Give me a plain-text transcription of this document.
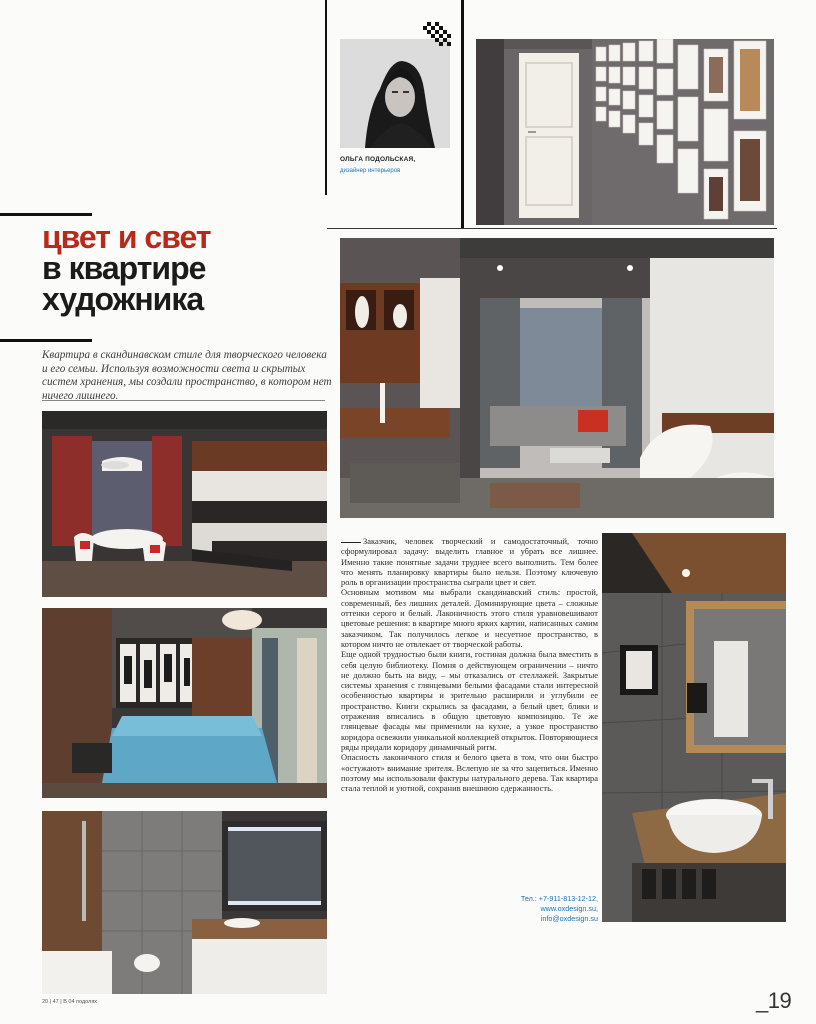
ОЛЬГА ПОДОЛЬСКАЯ,
дизайнер интерьеров
цвет и свет
в квартире
художника
Квартира в скандинавском стиле для творческого человека и его семьи. Используя возможности света и скрытых систем хранения, мы создали пространство, в котором нет ничего лишнего.

Заказчик, человек творческий и самодостаточный, точно сформулировал задачу: выделить главное и убрать все лишнее. Именно такие понятные задачи труднее всего выполнить. Тем более что менять планировку квартиры было нельзя. Поэтому ключевую роль в организации пространства сыграли цвет и свет.

Основным мотивом мы выбрали скандинавский стиль: простой, современный, без лишних деталей. Доминирующие цвета – сложные оттенки серого и белый. Лаконичность этого стиля уравновешивают цветовые решения: в квартире много ярких картин, написанных самим заказчиком. Так получилось легкое и несуетное пространство, в котором ничто не отвлекает от творческой работы.

Еще одной трудностью были книги, гостиная должна была вместить в себя целую библиотеку. Помня о действующем ограничении – ничто не должно быть на виду, – мы отказались от стеллажей. Закрытые системы хранения с глянцевыми белыми фасадами стали интересной особенностью квартиры и зрительно расширили и углубили ее пространство. Книги скрылись за фасадами, а белый цвет, блики и отражения вписались в общую цветовую композицию. Те же глянцевые фасады мы применили на кухне, а узкое пространство коридора освежили уникальной коллекцией открыток. Повторяющиеся ряды придали коридору динамичный ритм.

Опасность лаконичного стиля и белого цвета в том, что они быстро «остужают» внимание зрителя. Вслепую не за что зацепиться. Именно поэтому мы использовали фактуры натурального дерева. Так квартира стала теплой и уютной, сохранив внешнюю сдержанность.

Тел.: +7-911-813-12-12,
www.oxdesign.su,
info@oxdesign.su
20 | 47 | В 04 подолях	_19
